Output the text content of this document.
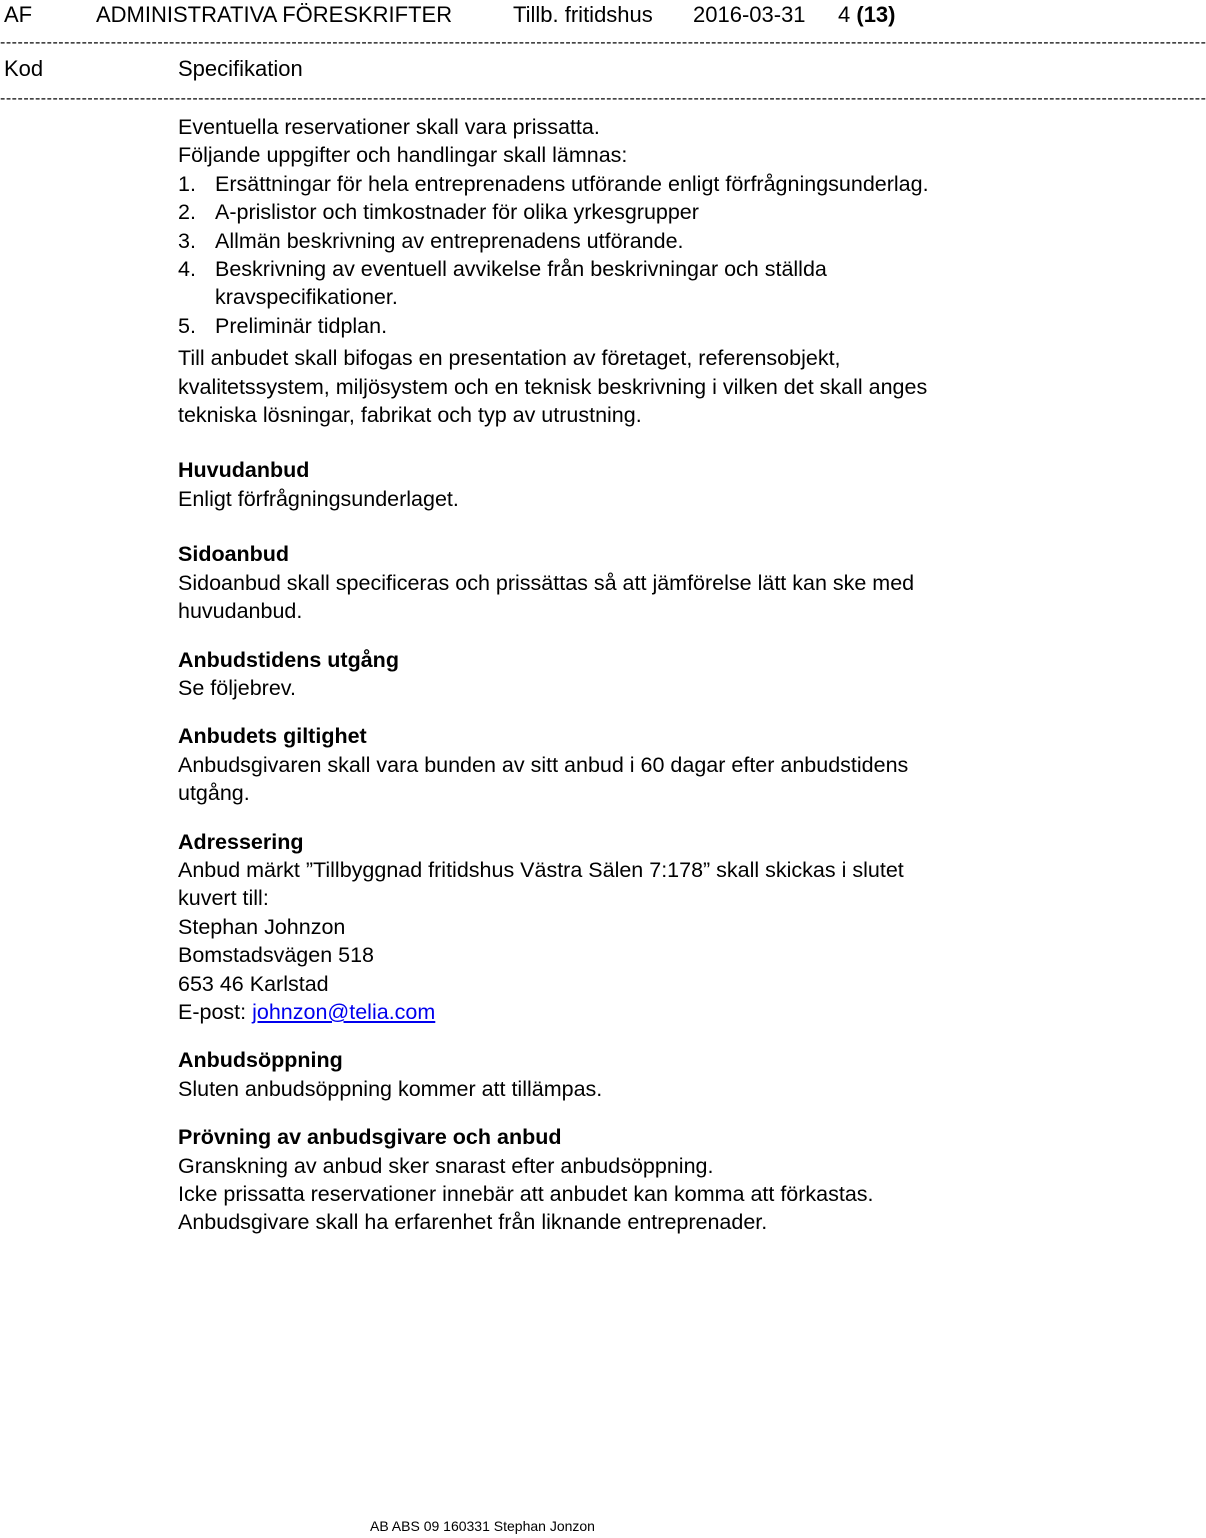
AF	ADMINISTRATIVA FÖRESKRIFTER	Tillb. fritidshus 2016-03-31 4 (13)
---------------------------------------------------------------------------------------------------------------------------------------------------------------------------------------------------------------
Kod	Specifikation
---------------------------------------------------------------------------------------------------------------------------------------------------------------------------------------------------------------

Eventuella reservationer skall vara prissatta.

Följande uppgifter och handlingar skall lämnas:

1. Ersättningar för hela entreprenadens utförande enligt förfrågningsunderlag.
2. A-prislistor och timkostnader för olika yrkesgrupper
3. Allmän beskrivning av entreprenadens utförande.
4. Beskrivning av eventuell avvikelse från beskrivningar och ställda kravspecifikationer.
5. Preliminär tidplan.

Till anbudet skall bifogas en presentation av företaget, referensobjekt, kvalitetssystem, miljösystem och en teknisk beskrivning i vilken det skall anges tekniska lösningar, fabrikat och typ av utrustning.

Huvudanbud

Enligt förfrågningsunderlaget.

Sidoanbud

Sidoanbud skall specificeras och prissättas så att jämförelse lätt kan ske med huvudanbud.

Anbudstidens utgång

Se följebrev.

Anbudets giltighet

Anbudsgivaren skall vara bunden av sitt anbud i 60 dagar efter anbudstidens utgång.

Adressering

Anbud märkt ”Tillbyggnad fritidshus Västra Sälen 7:178” skall skickas i slutet kuvert till:

Stephan Johnzon

Bomstadsvägen 518

653 46 Karlstad

E-post: johnzon@telia.com

Anbudsöppning

Sluten anbudsöppning kommer att tillämpas.

Prövning av anbudsgivare och anbud

Granskning av anbud sker snarast efter anbudsöppning.

Icke prissatta reservationer innebär att anbudet kan komma att förkastas.

Anbudsgivare skall ha erfarenhet från liknande entreprenader.

AB ABS 09 160331 Stephan Jonzon
